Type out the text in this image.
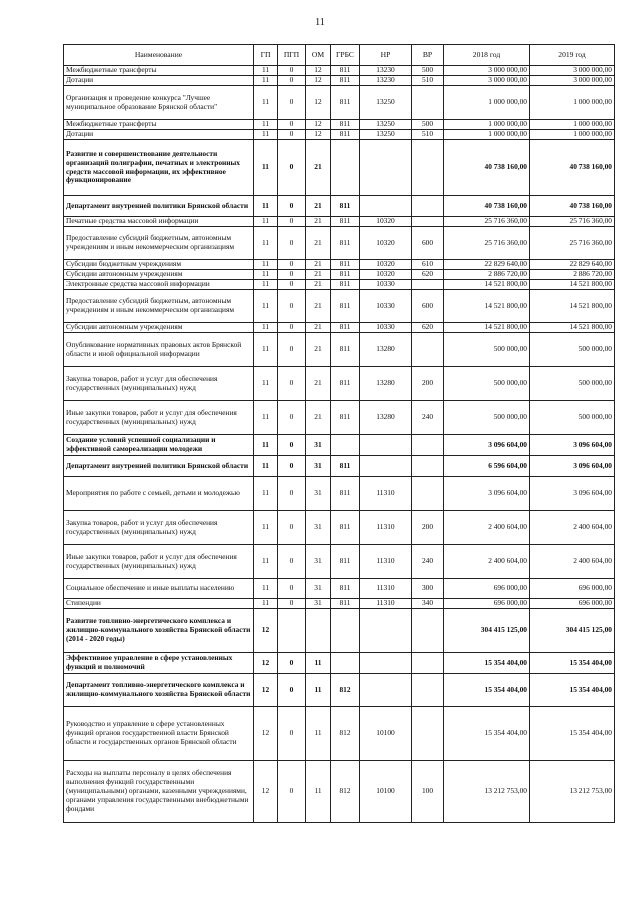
11
Наименование	ГП	ПГП	ОМ	ГРБС	НР	ВР	2018 год	2019 год
Межбюджетные трансферты	11	0	12	811	13230	500	3 000 000,00	3 000 000,00
Дотации	11	0	12	811	13230	510	3 000 000,00	3 000 000,00
Организация и проведение конкурса "Лучшее муниципальное образование Брянской области"	11	0	12	811	13250		1 000 000,00	1 000 000,00
Межбюджетные трансферты	11	0	12	811	13250	500	1 000 000,00	1 000 000,00
Дотации	11	0	12	811	13250	510	1 000 000,00	1 000 000,00
Развитие и совершенствование деятельности организаций полиграфии, печатных и электронных средств массовой информации, их эффективное функционирование	11	0	21				40 738 160,00	40 738 160,00
Департамент внутренней политики Брянской области	11	0	21	811			40 738 160,00	40 738 160,00
Печатные средства массовой информации	11	0	21	811	10320		25 716 360,00	25 716 360,00
Предоставление субсидий бюджетным, автономным учреждениям и иным некоммерческим организациям	11	0	21	811	10320	600	25 716 360,00	25 716 360,00
Субсидии бюджетным учреждениям	11	0	21	811	10320	610	22 829 640,00	22 829 640,00
Субсидии автономным учреждениям	11	0	21	811	10320	620	2 886 720,00	2 886 720,00
Электронные средства массовой информации	11	0	21	811	10330		14 521 800,00	14 521 800,00
Предоставление субсидий бюджетным, автономным учреждениям и иным некоммерческим организациям	11	0	21	811	10330	600	14 521 800,00	14 521 800,00
Субсидии автономным учреждениям	11	0	21	811	10330	620	14 521 800,00	14 521 800,00
Опубликование нормативных правовых актов Брянской области и иной официальной информации	11	0	21	811	13280		500 000,00	500 000,00
Закупка товаров, работ и услуг для обеспечения государственных (муниципальных) нужд	11	0	21	811	13280	200	500 000,00	500 000,00
Иные закупки товаров, работ и услуг для обеспечения государственных (муниципальных) нужд	11	0	21	811	13280	240	500 000,00	500 000,00
Создание условий успешной социализации и эффективной самореализации молодежи	11	0	31				3 096 604,00	3 096 604,00
Департамент внутренней политики Брянской области	11	0	31	811			6 596 604,00	3 096 604,00
Мероприятия по работе с семьей, детьми и молодежью	11	0	31	811	11310		3 096 604,00	3 096 604,00
Закупка товаров, работ и услуг для обеспечения государственных (муниципальных) нужд	11	0	31	811	11310	200	2 400 604,00	2 400 604,00
Иные закупки товаров, работ и услуг для обеспечения государственных (муниципальных) нужд	11	0	31	811	11310	240	2 400 604,00	2 400 604,00
Социальное обеспечение и иные выплаты населению	11	0	31	811	11310	300	696 000,00	696 000,00
Стипендии	11	0	31	811	11310	340	696 000,00	696 000,00
Развитие топливно-энергетического комплекса и жилищно-коммунального хозяйства Брянской области (2014 - 2020 годы)	12						304 415 125,00	304 415 125,00
Эффективное управление в сфере установленных функций и полномочий	12	0	11				15 354 404,00	15 354 404,00
Департамент топливно-энергетического комплекса и жилищно-коммунального хозяйства Брянской области	12	0	11	812			15 354 404,00	15 354 404,00
Руководство и управление в сфере установленных функций органов государственной власти Брянской области и государственных органов Брянской области	12	0	11	812	10100		15 354 404,00	15 354 404,00
Расходы на выплаты персоналу в целях обеспечения выполнения функций государственными (муниципальными) органами, казенными учреждениями, органами управления государственными внебюджетными фондами	12	0	11	812	10100	100	13 212 753,00	13 212 753,00
